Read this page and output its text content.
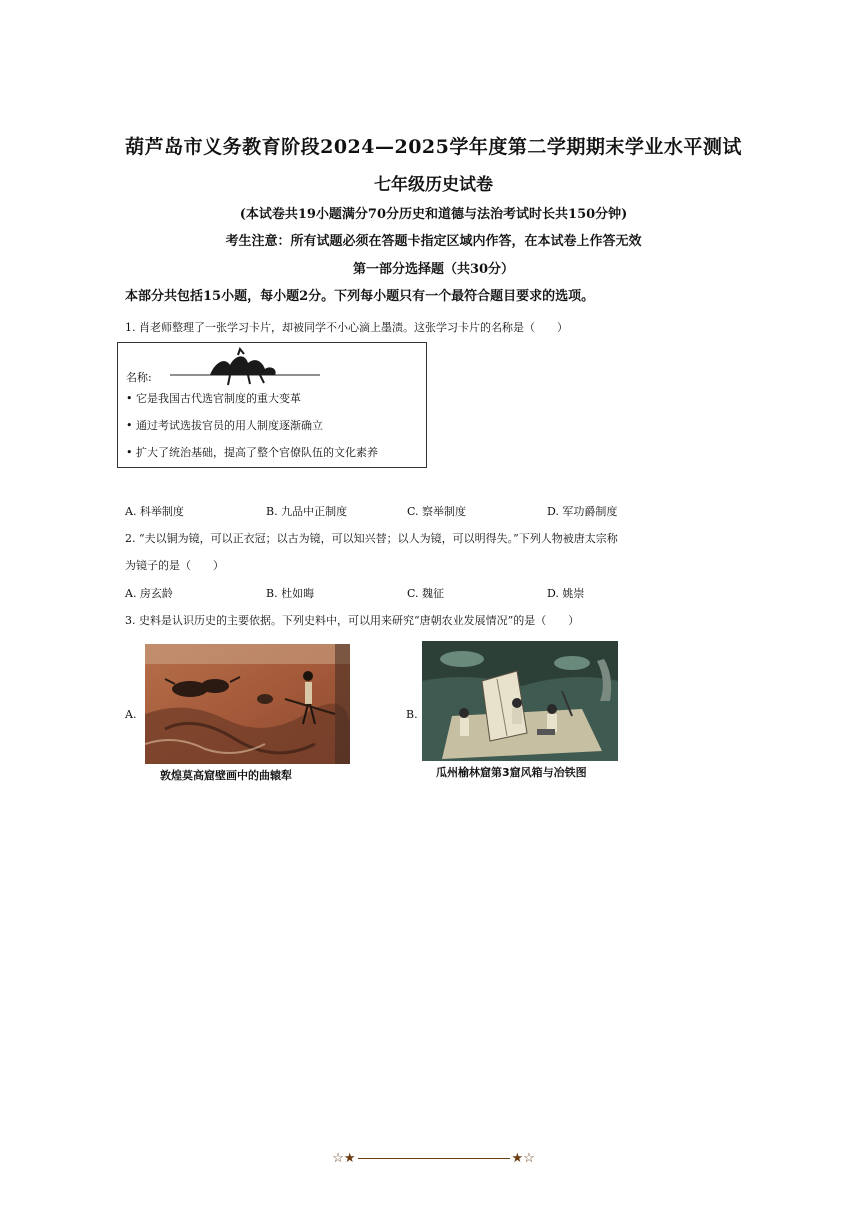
葫芦岛市义务教育阶段2024—2025学年度第二学期期末学业水平测试
七年级历史试卷
(本试卷共19小题满分70分历史和道德与法治考试时长共150分钟)
考生注意：所有试题必须在答题卡指定区域内作答，在本试卷上作答无效
第一部分选择题（共30分）
本部分共包括15小题，每小题2分。下列每小题只有一个最符合题目要求的选项。
1. 肖老师整理了一张学习卡片，却被同学不小心滴上墨渍。这张学习卡片的名称是（　　）
名称:
• 它是我国古代选官制度的重大变革
• 通过考试选拔官员的用人制度逐渐确立
• 扩大了统治基础，提高了整个官僚队伍的文化素养
A. 科举制度	B. 九品中正制度	C. 察举制度	D. 军功爵制度
2. “夫以铜为镜，可以正衣冠；以古为镜，可以知兴替；以人为镜，可以明得失。”下列人物被唐太宗称
为镜子的是（　　）
A. 房玄龄	B. 杜如晦	C. 魏征	D. 姚崇
3. 史料是认识历史的主要依据。下列史料中，可以用来研究“唐朝农业发展情况”的是（　　）
A.
敦煌莫高窟壁画中的曲辕犁
B.
瓜州榆林窟第3窟风箱与冶铁图
☆★	★☆
